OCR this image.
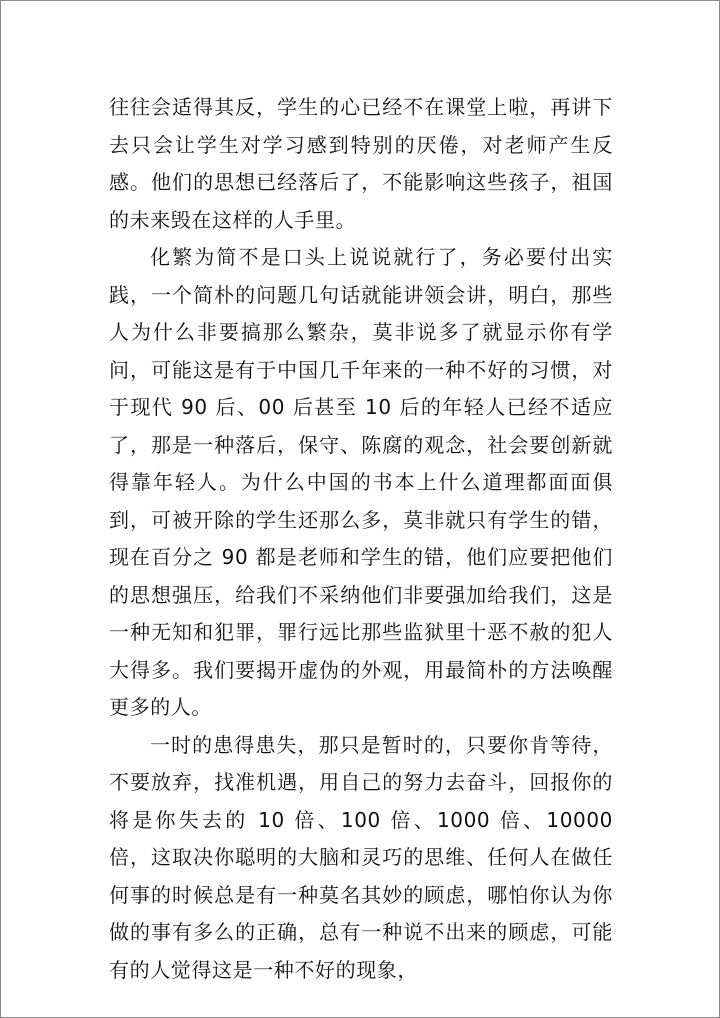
往往会适得其反，学生的心已经不在课堂上啦，再讲下去只会让学生对学习感到特别的厌倦，对老师产生反感。他们的思想已经落后了，不能影响这些孩子，祖国的未来毁在这样的人手里。

化繁为简不是口头上说说就行了，务必要付出实践，一个简朴的问题几句话就能讲领会讲，明白，那些人为什么非要搞那么繁杂，莫非说多了就显示你有学问，可能这是有于中国几千年来的一种不好的习惯，对于现代 90 后、00 后甚至 10 后的年轻人已经不适应了，那是一种落后，保守、陈腐的观念，社会要创新就得靠年轻人。为什么中国的书本上什么道理都面面俱到，可被开除的学生还那么多，莫非就只有学生的错，现在百分之 90 都是老师和学生的错，他们应要把他们的思想强压，给我们不采纳他们非要强加给我们，这是一种无知和犯罪，罪行远比那些监狱里十恶不赦的犯人大得多。我们要揭开虚伪的外观，用最简朴的方法唤醒更多的人。

一时的患得患失，那只是暂时的，只要你肯等待，不要放弃，找准机遇，用自己的努力去奋斗，回报你的将是你失去的 10 倍、100 倍、1000 倍、10000 倍，这取决你聪明的大脑和灵巧的思维、任何人在做任何事的时候总是有一种莫名其妙的顾虑，哪怕你认为你做的事有多么的正确，总有一种说不出来的顾虑，可能有的人觉得这是一种不好的现象，
